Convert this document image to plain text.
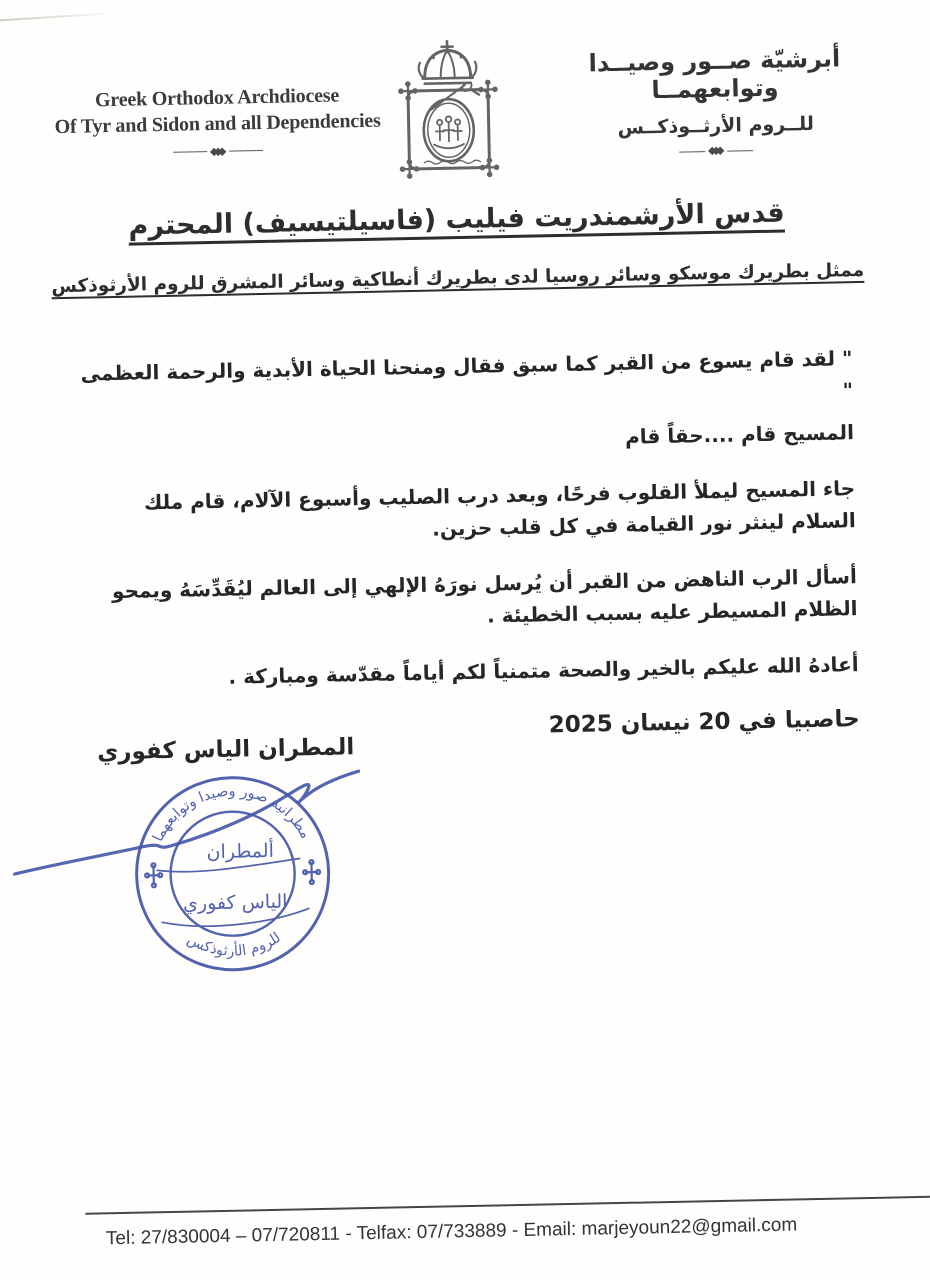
Greek Orthodox Archdiocese
Of Tyr and Sidon and all Dependencies
أبرشيّة صــور وصيــدا وتوابعهمــا
للــروم الأرثــوذكــس
قدس الأرشمندريت فيليب (فاسيلتيسيف) المحترم
ممثل بطريرك موسكو وسائر روسيا لدى بطريرك أنطاكية وسائر المشرق للروم الأرثوذكس

" لقد قام يسوع من القبر كما سبق فقال ومنحنا الحياة الأبدية والرحمة العظمى "

المسيح قام ....حقاً قام

جاء المسيح ليملأ القلوب فرحًا، وبعد درب الصليب وأسبوع الآلام، قام ملك السلام لينثر نور القيامة في كل قلب حزين.

أسأل الرب الناهض من القبر أن يُرسل نورَهُ الإلهي إلى العالم ليُقَدِّسَهُ ويمحو الظلام المسيطر عليه بسبب الخطيئة .

أعادهُ الله عليكم بالخير والصحة متمنياً لكم أياماً مقدّسة ومباركة .

حاصبيا في 20 نيسان 2025
المطران الياس كفوري
مطرانية صور وصيدا وتوابعهما
للروم الأرثوذكس
ألمطران
الياس كفوري
Tel: 27/830004 – 07/720811 - Telfax: 07/733889 - Email: marjeyoun22@gmail.com
